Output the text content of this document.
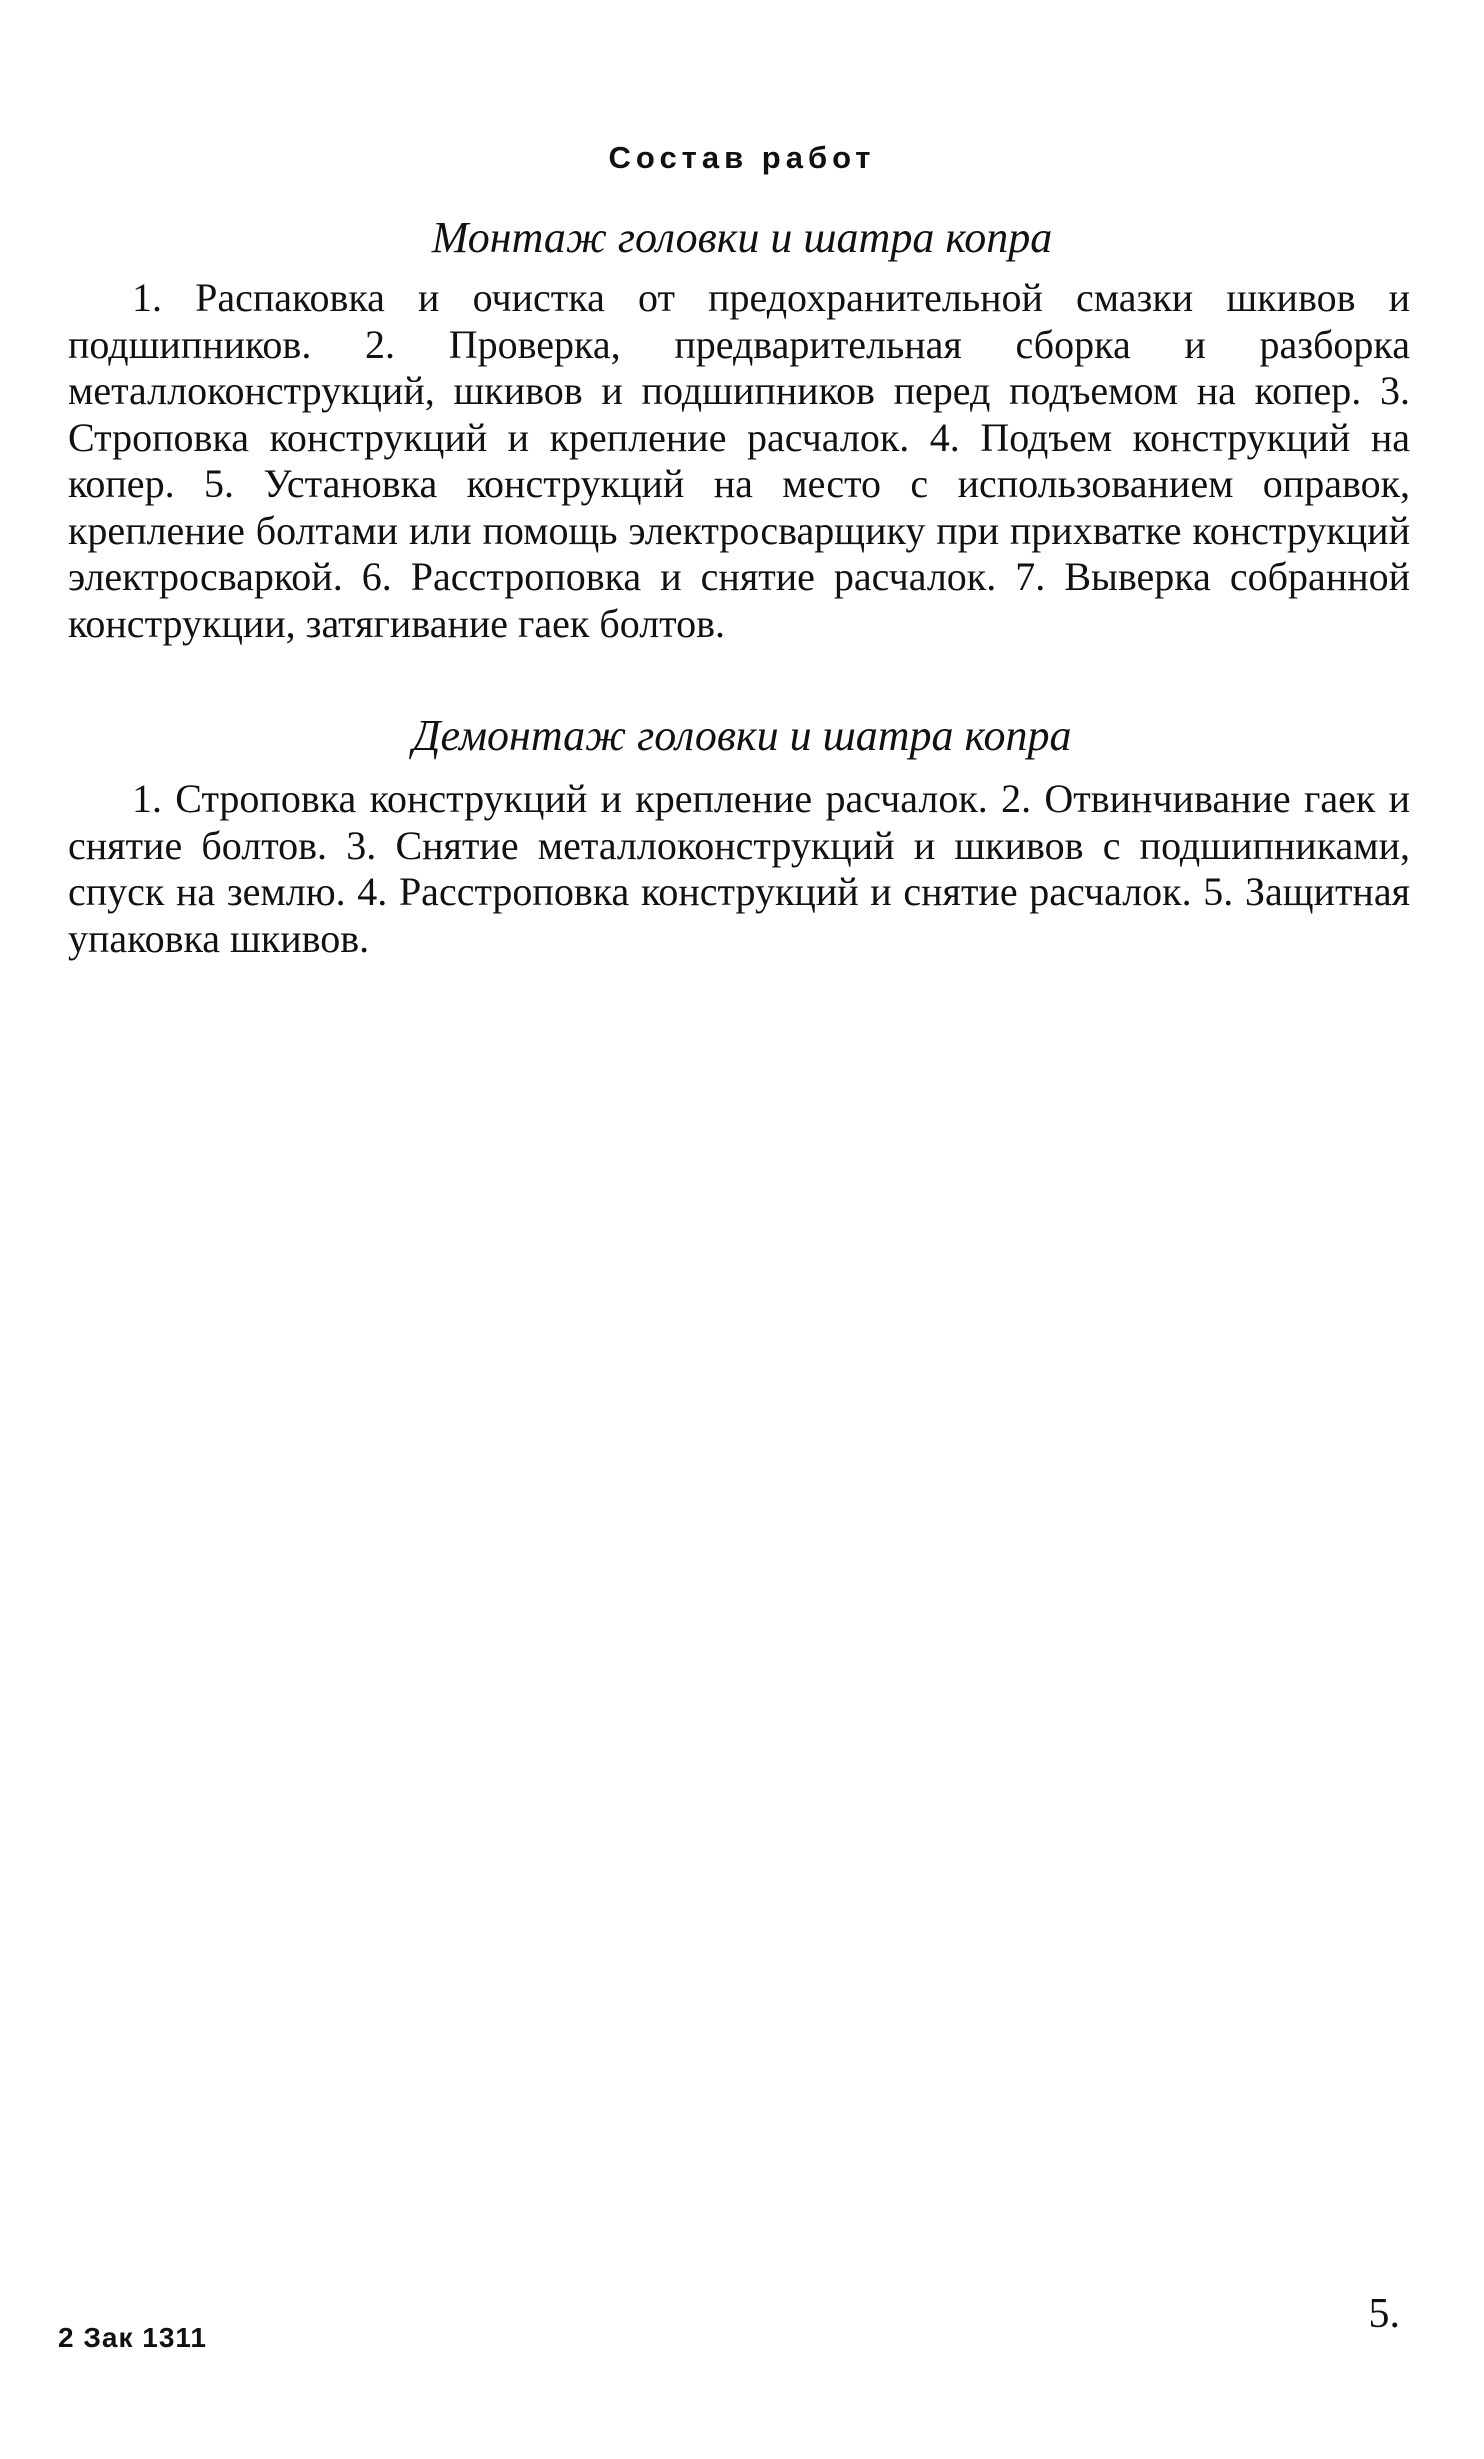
Состав работ
Монтаж головки и шатра копра

1. Распаковка и очистка от предохранительной смазки шкивов и подшипников. 2. Проверка, предварительная сборка и разборка металлоконструкций, шкивов и подшипников перед подъемом на копер. 3. Строповка конструкций и крепление расчалок. 4. Подъем конструкций на копер. 5. Установка конструкций на место с использованием оправок, крепление болтами или помощь электросварщику при прихватке конструкций электросваркой. 6. Расстроповка и снятие расчалок. 7. Выверка собранной конструкции, затягивание гаек болтов.

Демонтаж головки и шатра копра

1. Строповка конструкций и крепление расчалок. 2. Отвинчивание гаек и снятие болтов. 3. Снятие металлоконструкций и шкивов с подшипниками, спуск на землю. 4. Расстроповка конструкций и снятие расчалок. 5. Защитная упаковка шкивов.

2 Зак 1311
5.
